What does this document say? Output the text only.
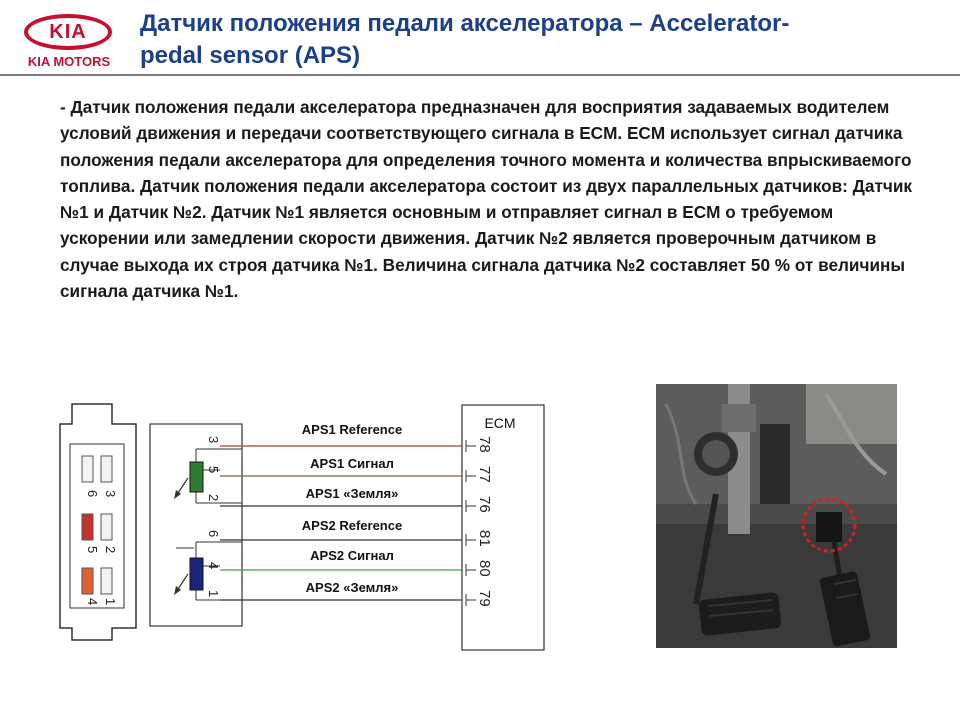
KIA
KIA MOTORS
Датчик положения педали акселератора – Accelerator-
pedal sensor (APS)
- Датчик положения педали акселератора предназначен для восприятия задаваемых водителем условий движения и передачи соответствующего сигнала в ECM. ECM использует сигнал датчика положения педали акселератора для определения точного момента и количества впрыскиваемого топлива. Датчик положения педали акселератора состоит из двух параллельных датчиков: Датчик №1 и Датчик №2. Датчик №1 является основным и отправляет сигнал в ECM о требуемом ускорении или замедлении скорости движения. Датчик №2 является проверочным датчиком в случае выхода их строя датчика №1. Величина сигнала датчика №2 составляет 50 % от величины сигнала датчика №1.
6 3
5 2
4 1
3
5
2
6
4
1
APS1 Reference
APS1 Сигнал
APS1 «Земля»
APS2 Reference
APS2 Сигнал
APS2 «Земля»
ECM
78
77
76
81
80
79
